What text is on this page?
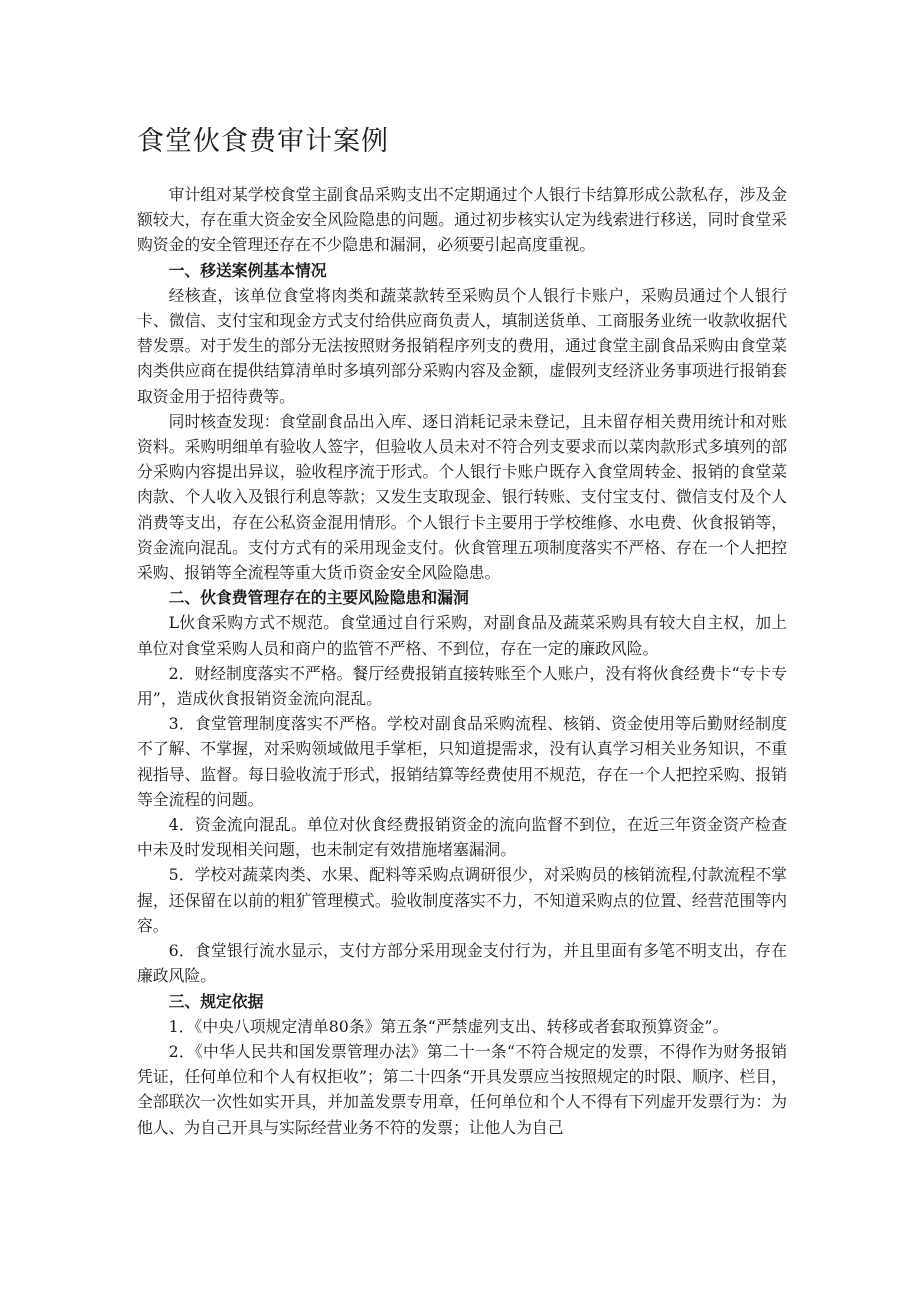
食堂伙食费审计案例

审计组对某学校食堂主副食品采购支出不定期通过个人银行卡结算形成公款私存，涉及金额较大，存在重大资金安全风险隐患的问题。通过初步核实认定为线索进行移送，同时食堂采购资金的安全管理还存在不少隐患和漏洞，必须要引起高度重视。

一、移送案例基本情况

经核查，该单位食堂将肉类和蔬菜款转至采购员个人银行卡账户，采购员通过个人银行卡、微信、支付宝和现金方式支付给供应商负责人，填制送货单、工商服务业统一收款收据代替发票。对于发生的部分无法按照财务报销程序列支的费用，通过食堂主副食品采购由食堂菜肉类供应商在提供结算清单时多填列部分采购内容及金额，虚假列支经济业务事项进行报销套取资金用于招待费等。

同时核查发现：食堂副食品出入库、逐日消耗记录未登记，且未留存相关费用统计和对账资料。采购明细单有验收人签字，但验收人员未对不符合列支要求而以菜肉款形式多填列的部分采购内容提出异议，验收程序流于形式。个人银行卡账户既存入食堂周转金、报销的食堂菜肉款、个人收入及银行利息等款；又发生支取现金、银行转账、支付宝支付、微信支付及个人消费等支出，存在公私资金混用情形。个人银行卡主要用于学校维修、水电费、伙食报销等，资金流向混乱。支付方式有的采用现金支付。伙食管理五项制度落实不严格、存在一个人把控采购、报销等全流程等重大货币资金安全风险隐患。

二、伙食费管理存在的主要风险隐患和漏洞

L伙食采购方式不规范。食堂通过自行采购，对副食品及蔬菜采购具有较大自主权，加上单位对食堂采购人员和商户的监管不严格、不到位，存在一定的廉政风险。

2．财经制度落实不严格。餐厅经费报销直接转账至个人账户，没有将伙食经费卡“专卡专用”，造成伙食报销资金流向混乱。

3．食堂管理制度落实不严格。学校对副食品采购流程、核销、资金使用等后勤财经制度不了解、不掌握，对采购领域做甩手掌柜，只知道提需求，没有认真学习相关业务知识，不重视指导、监督。每日验收流于形式，报销结算等经费使用不规范，存在一个人把控采购、报销等全流程的问题。

4．资金流向混乱。单位对伙食经费报销资金的流向监督不到位，在近三年资金资产检查中未及时发现相关问题，也未制定有效措施堵塞漏洞。

5．学校对蔬菜肉类、水果、配料等采购点调研很少，对采购员的核销流程,付款流程不掌握，还保留在以前的粗犷管理模式。验收制度落实不力，不知道采购点的位置、经营范围等内容。

6．食堂银行流水显示，支付方部分采用现金支付行为，并且里面有多笔不明支出，存在廉政风险。

三、规定依据

1．《中央八项规定清单80条》第五条“严禁虚列支出、转移或者套取预算资金”。

2．《中华人民共和国发票管理办法》第二十一条“不符合规定的发票，不得作为财务报销凭证，任何单位和个人有权拒收”；第二十四条“开具发票应当按照规定的时限、顺序、栏目，全部联次一次性如实开具，并加盖发票专用章，任何单位和个人不得有下列虚开发票行为：为他人、为自己开具与实际经营业务不符的发票；让他人为自己
